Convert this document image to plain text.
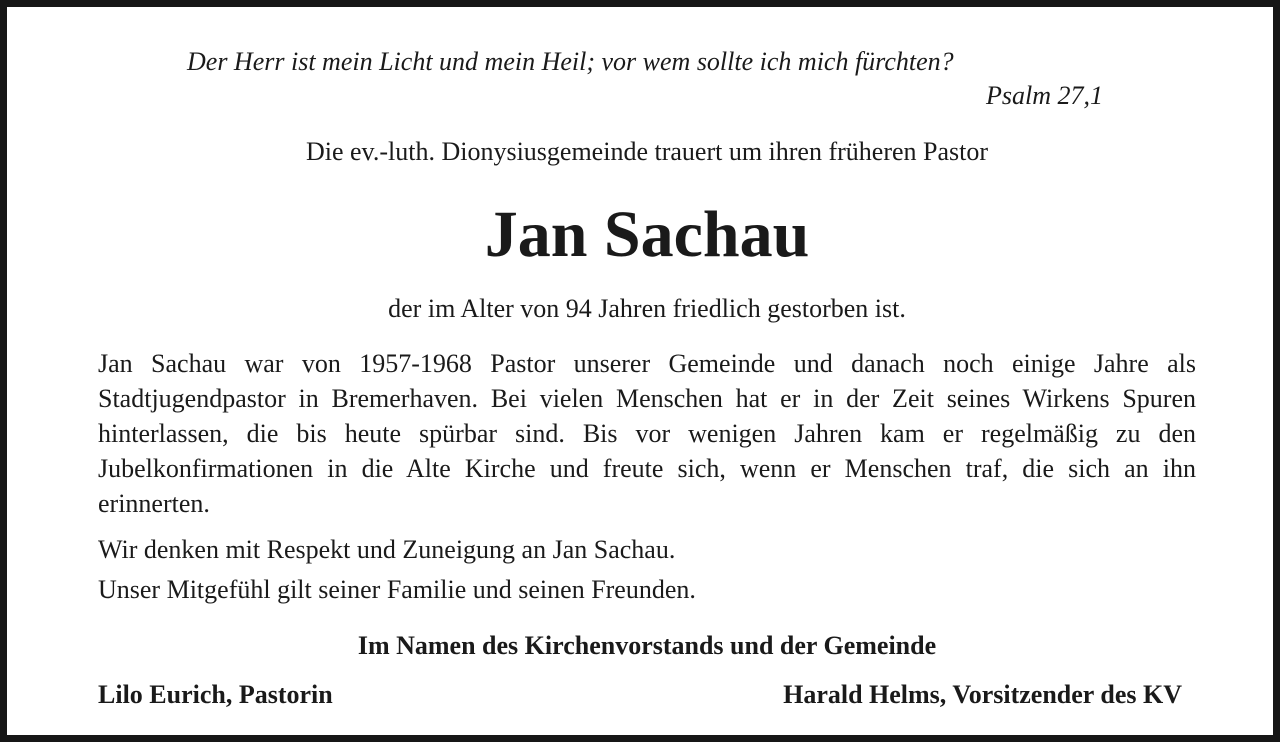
Der Herr ist mein Licht und mein Heil; vor wem sollte ich mich fürchten?

Psalm 27,1

Die ev.-luth. Dionysiusgemeinde trauert um ihren früheren Pastor

Jan Sachau

der im Alter von 94 Jahren friedlich gestorben ist.

Jan Sachau war von 1957-1968 Pastor unserer Gemeinde und danach noch einige Jahre als Stadtjugendpastor in Bremerhaven. Bei vielen Menschen hat er in der Zeit seines Wirkens Spuren hinterlassen, die bis heute spürbar sind. Bis vor wenigen Jahren kam er regelmäßig zu den Jubelkonfirmationen in die Alte Kirche und freute sich, wenn er Menschen traf, die sich an ihn erinnerten.

Wir denken mit Respekt und Zuneigung an Jan Sachau.

Unser Mitgefühl gilt seiner Familie und seinen Freunden.

Im Namen des Kirchenvorstands und der Gemeinde

Lilo Eurich, Pastorin	Harald Helms, Vorsitzender des KV
